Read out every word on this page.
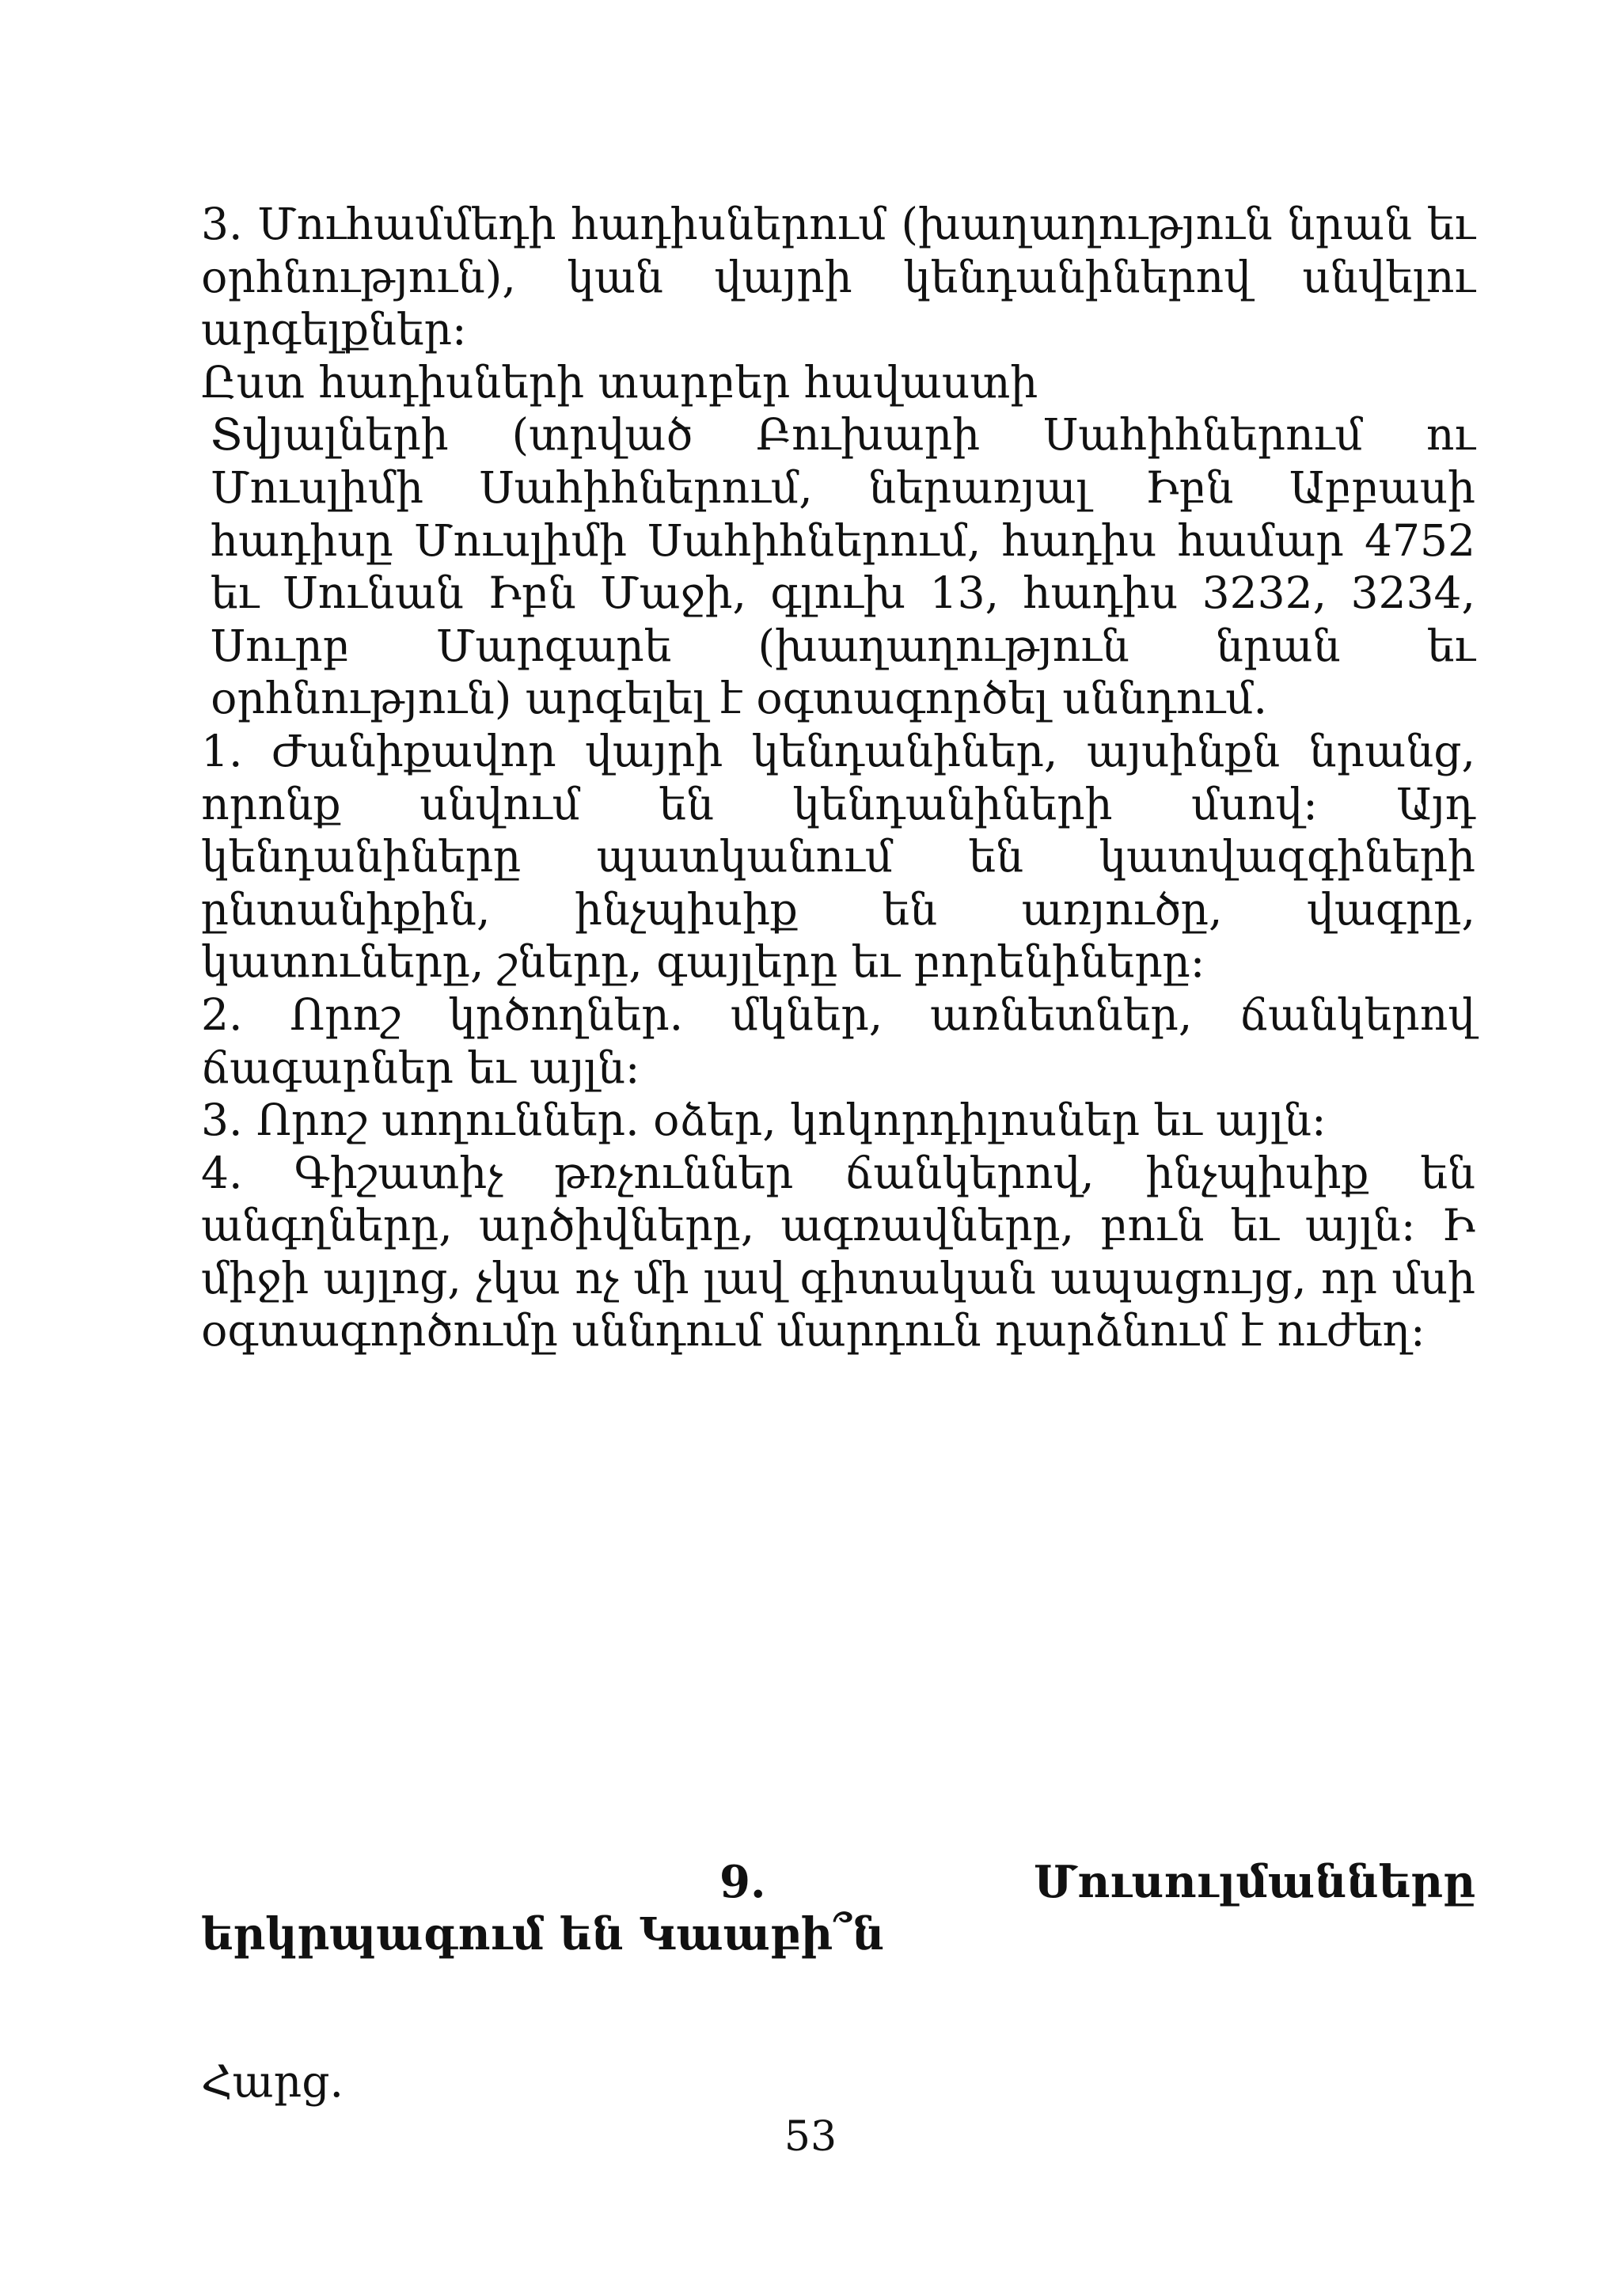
3. Մուհամմեդի հադիսներում (խաղաղություն նրան եւ օրհնություն), կան վայրի կենդանիներով սնվելու արգելքներ:

Ըստ հադիսների տարբեր հավաստի

Տվյալների (տրված Բուխարի Սահիհներում ու Մուսլիմի Սահիհներում, ներառյալ Իբն Աբբասի հադիսը Մուսլիմի Սահիհներում, հադիս համար 4752 եւ Սունան Իբն Մաջի, գլուխ 13, հադիս 3232, 3234, Սուրբ Մարգարե (խաղաղություն նրան եւ օրհնություն) արգելել է օգտագործել սննդում.

1. Ժանիքավոր վայրի կենդանիներ, այսինքն նրանց, որոնք սնվում են կենդանիների մսով: Այդ կենդանիները պատկանում են կատվազգիների ընտանիքին, ինչպիսիք են առյուծը, վագրը, կատուները, շները, գայլերը եւ բորենիները:

2. Որոշ կրծողներ. մկներ, առնետներ, ճանկերով ճագարներ եւ այլն:

3. Որոշ սողուններ. օձեր, կոկորդիլոսներ եւ այլն:

4. Գիշատիչ թռչուններ ճանկերով, ինչպիսիք են անգղները, արծիվները, ագռավները, բուն եւ այլն: Ի միջի այլոց, չկա ոչ մի լավ գիտական ապացույց, որ մսի օգտագործումը սննդում մարդուն դարձնում է ուժեղ:

9.	Մուսուլմանները
երկրպագում են Կաաբի՞ն
Հարց.
53
